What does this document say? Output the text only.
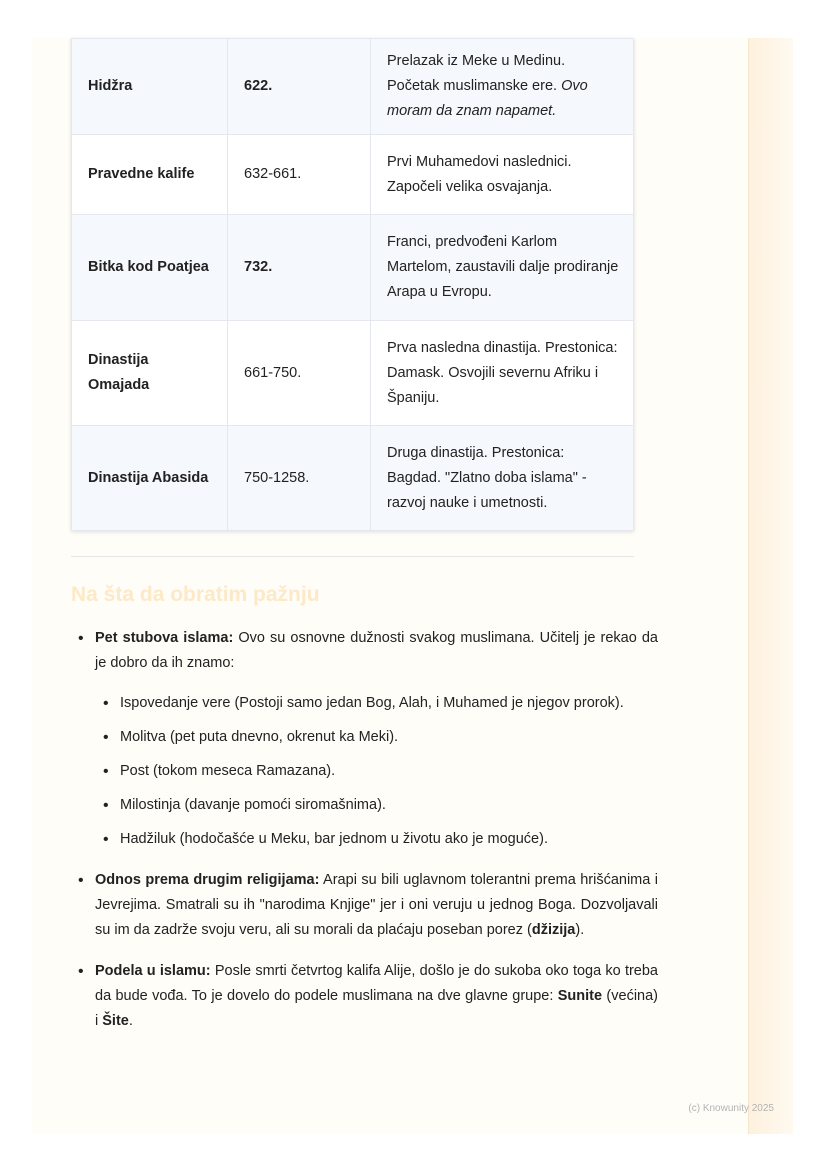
Hidžra	622.	Prelazak iz Meke u Medinu. Početak muslimanske ere. Ovo moram da znam napamet.
Pravedne kalife	632-661.	Prvi Muhamedovi naslednici. Započeli velika osvajanja.
Bitka kod Poatjea	732.	Franci, predvođeni Karlom Martelom, zaustavili dalje prodiranje Arapa u Evropu.
Dinastija Omajada	661-750.	Prva nasledna dinastija. Prestonica: Damask. Osvojili severnu Afriku i Španiju.
Dinastija Abasida	750-1258.	Druga dinastija. Prestonica: Bagdad. "Zlatno doba islama" - razvoj nauke i umetnosti.
Na šta da obratim pažnju
• Pet stubova islama: Ovo su osnovne dužnosti svakog muslimana. Učitelj je rekao da je dobro da ih znamo:
• Ispovedanje vere (Postoji samo jedan Bog, Alah, i Muhamed je njegov prorok).
• Molitva (pet puta dnevno, okrenut ka Meki).
• Post (tokom meseca Ramazana).
• Milostinja (davanje pomoći siromašnima).
• Hadžiluk (hodočašće u Meku, bar jednom u životu ako je moguće).
• Odnos prema drugim religijama: Arapi su bili uglavnom tolerantni prema hrišćanima i Jevrejima. Smatrali su ih "narodima Knjige" jer i oni veruju u jednog Boga. Dozvoljavali su im da zadrže svoju veru, ali su morali da plaćaju poseban porez (džizija).
• Podela u islamu: Posle smrti četvrtog kalifa Alije, došlo je do sukoba oko toga ko treba da bude vođa. To je dovelo do podele muslimana na dve glavne grupe: Sunite (većina) i Šite.
(c) Knowunity 2025
